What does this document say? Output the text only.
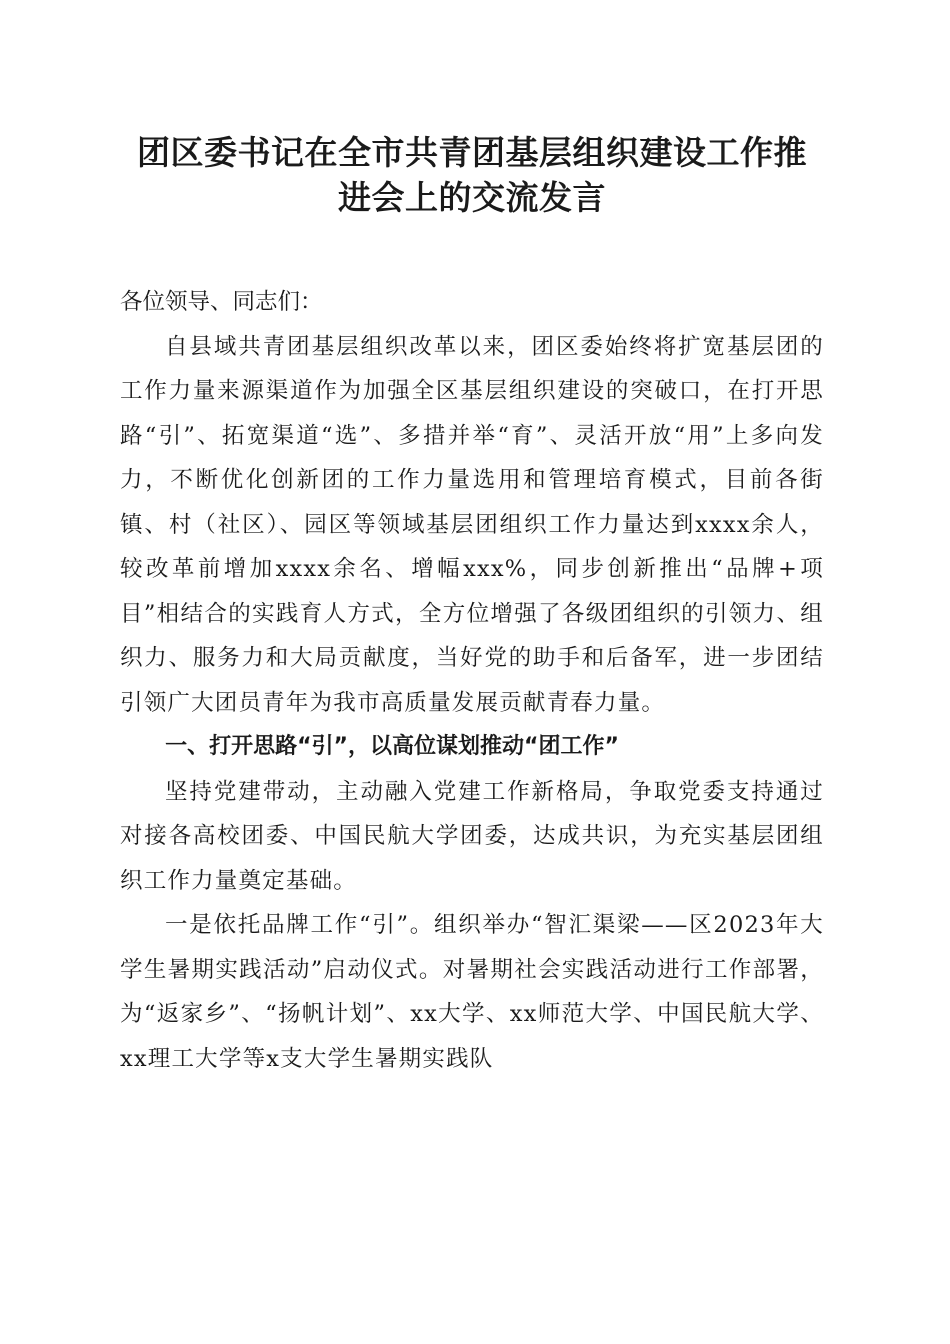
团区委书记在全市共青团基层组织建设工作推
进会上的交流发言

各位领导、同志们：

自县域共青团基层组织改革以来，团区委始终将扩宽基层团的工作力量来源渠道作为加强全区基层组织建设的突破口，在打开思路“引”、拓宽渠道“选”、多措并举“育”、灵活开放“用”上多向发力，不断优化创新团的工作力量选用和管理培育模式，目前各街镇、村（社区）、园区等领域基层团组织工作力量达到xxxx余人，较改革前增加xxxx余名、增幅xxx%，同步创新推出“品牌+项目”相结合的实践育人方式，全方位增强了各级团组织的引领力、组织力、服务力和大局贡献度，当好党的助手和后备军，进一步团结引领广大团员青年为我市高质量发展贡献青春力量。

一、打开思路“引”，以高位谋划推动“团工作”

坚持党建带动，主动融入党建工作新格局，争取党委支持通过对接各高校团委、中国民航大学团委，达成共识，为充实基层团组织工作力量奠定基础。

一是依托品牌工作“引”。组织举办“智汇渠梁——区2023年大学生暑期实践活动”启动仪式。对暑期社会实践活动进行工作部署，为“返家乡”、“扬帆计划”、xx大学、xx师范大学、中国民航大学、xx理工大学等x支大学生暑期实践队
